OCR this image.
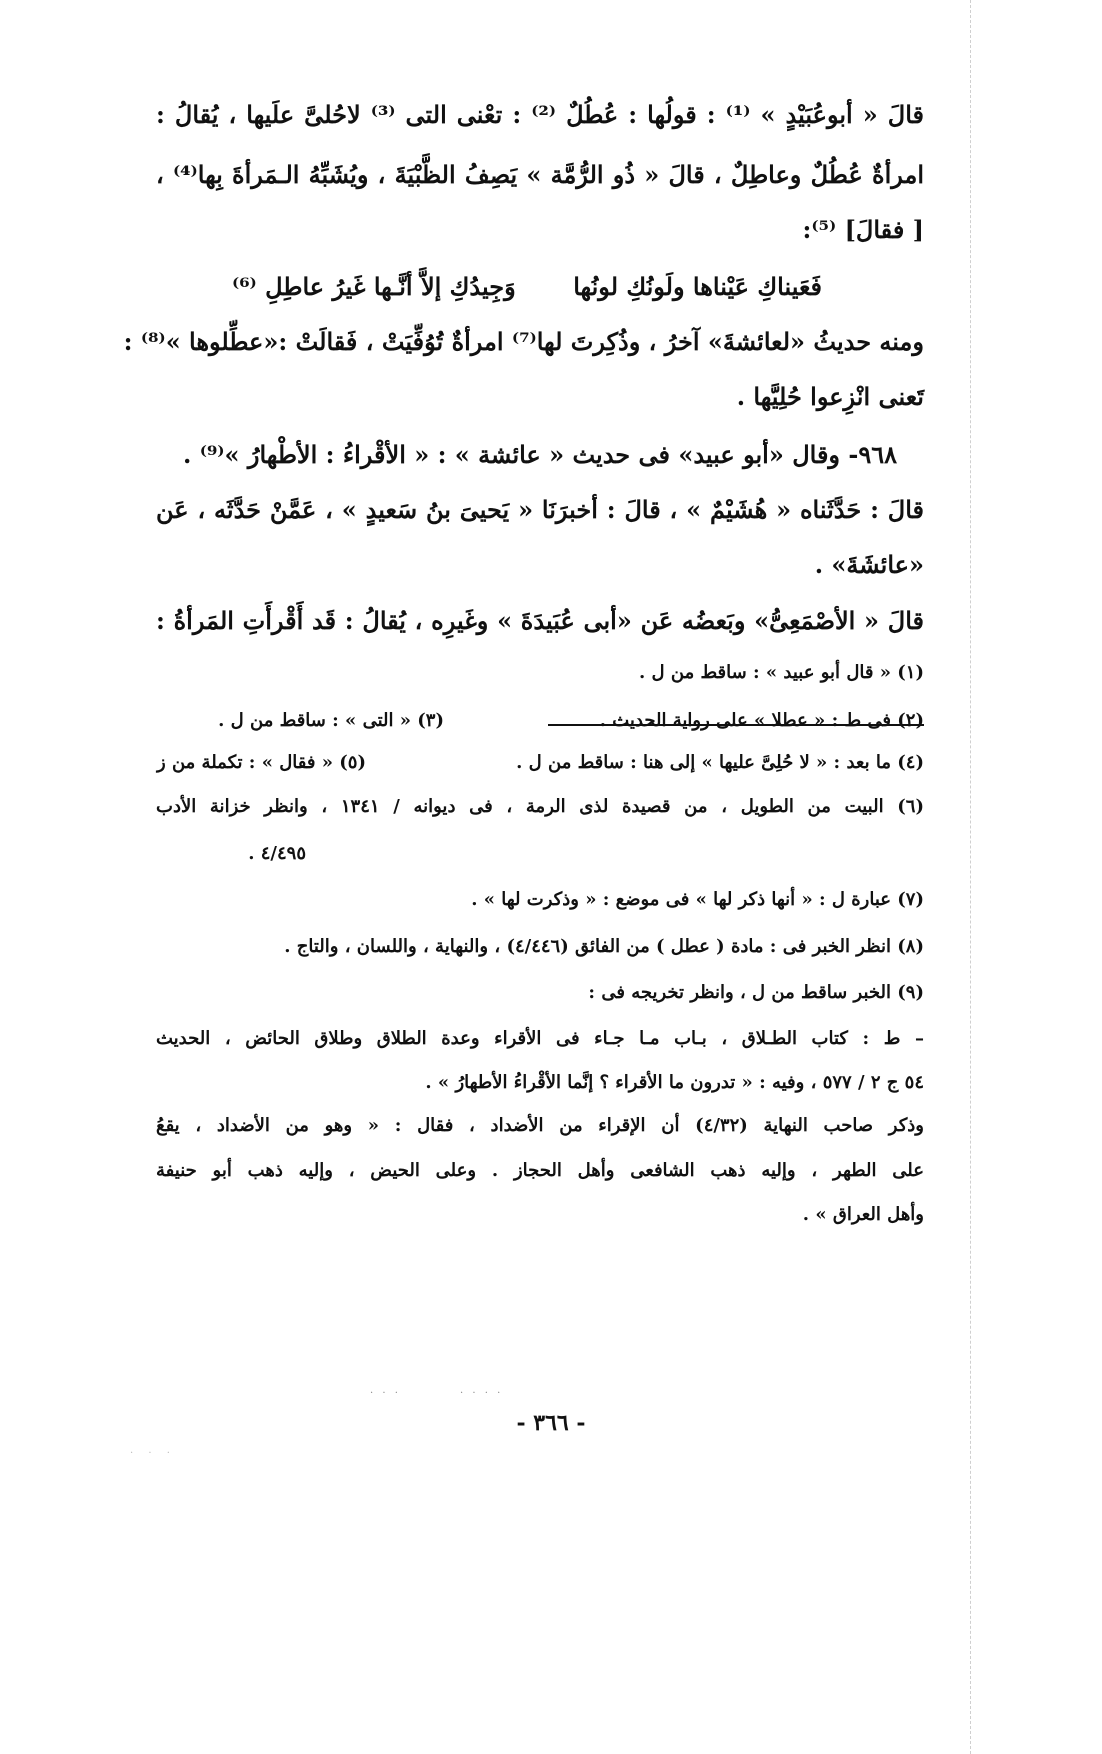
قالَ « أبوعُبَيْدٍ » ⁽¹⁾ : قولُها : عُطُلٌ ⁽²⁾ : تعْنى التى ⁽³⁾ لاحُلىَّ علَيها ، يُقالُ :
امرأةٌ عُطُلٌ وعاطِلٌ ، قالَ « ذُو الرُّمَّة » يَصِفُ الظَّبْيَةَ ، ويُشَبِّهُ الـمَرأةَ بِها⁽⁴⁾ ،
[ فقالَ] ⁽⁵⁾:
فَعَيناكِ عَيْناها ولَونُكِ لونُها
وَجِيدُكِ إلاَّ أنَّـها غَيرُ عاطِلِ ⁽⁶⁾
ومنه حديثُ «لعائشةَ» آخرُ ، وذُكِرتَ لها⁽⁷⁾ امرأةٌ تُوُفِّيَتْ ، فَقالَتْ :«عطِّلوها »⁽⁸⁾ :
تَعنى انْزِعوا حُلِيَّها .
٩٦٨- وقال «أبو عبيد» فى حديث « عائشة » : « الأقْراءُ : الأطْهارُ »⁽⁹⁾ .
قالَ : حَدَّثَناه « هُشَيْمٌ » ، قالَ : أخبرَنَا « يَحيىَ بنُ سَعيدٍ » ، عَمَّنْ حَدَّثَه ، عَن
«عائشَةَ» .
قالَ « الأصْمَعِىُّ» وبَعضُه عَن «أبى عُبَيدَةَ » وغَيرِه ، يُقالُ : قَد أَقْرأَتِ المَرأةُ :
(١) « قال أبو عبيد » : ساقط من ل .
(٢) فى ط : « عطلا » على رواية الحديث .
(٣) « التى » : ساقط من ل .
(٤) ما بعد : « لا حُلِىَّ عليها » إلى هنا : ساقط من ل .
(٥) « فقال » : تكملة من ز
(٦) البيت من الطويل ، من قصيدة لذى الرمة ، فى ديوانه / ١٣٤١ ، وانظر خزانة الأدب
٤/٤٩٥ .
(٧) عبارة ل : « أنها ذكر لها » فى موضع : « وذكرت لها » .
(٨) انظر الخبر فى : مادة ( عطل ) من الفائق (٤/٤٤٦) ، والنهاية ، واللسان ، والتاج .
(٩) الخبر ساقط من ل ، وانظر تخريجه فى :
– ط : كتاب الطـلاق ، بـاب مـا جـاء فى الأقراء وعدة الطلاق وطلاق الحائض ، الحديث
٥٤ ج ٢ / ٥٧٧ ، وفيه : « تدرون ما الأقراء ؟ إنَّما الأقْراءُ الأطهارُ » .
وذكر صاحب النهاية (٤/٣٢) أن الإقراء من الأضداد ، فقال : « وهو من الأضداد ، يقعُ
على الطهر ، وإليه ذهب الشافعى وأهل الحجاز . وعلى الحيض ، وإليه ذهب أبو حنيفة
وأهل العراق » .
- ٣٦٦ -
. . .	. . . .
. . .
